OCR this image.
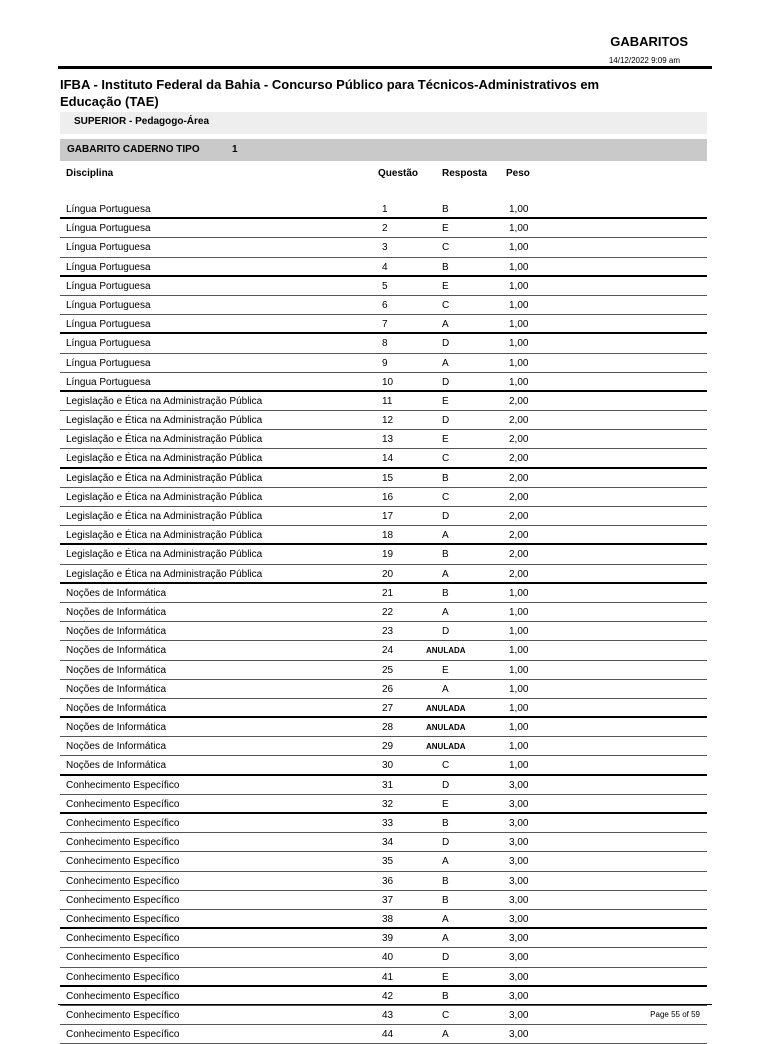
GABARITOS
14/12/2022 9:09 am
IFBA - Instituto Federal da Bahia - Concurso Público para Técnicos-Administrativos em Educação (TAE)
SUPERIOR - Pedagogo-Área
GABARITO CADERNO TIPO	1
Disciplina	Questão Resposta Peso
Língua Portuguesa	1	B	1,00
Língua Portuguesa	2	E	1,00
Língua Portuguesa	3	C	1,00
Língua Portuguesa	4	B	1,00
Língua Portuguesa	5	E	1,00
Língua Portuguesa	6	C	1,00
Língua Portuguesa	7	A	1,00
Língua Portuguesa	8	D	1,00
Língua Portuguesa	9	A	1,00
Língua Portuguesa	10	D	1,00
Legislação e Ética na Administração Pública	11	E	2,00
Legislação e Ética na Administração Pública	12	D	2,00
Legislação e Ética na Administração Pública	13	E	2,00
Legislação e Ética na Administração Pública	14	C	2,00
Legislação e Ética na Administração Pública	15	B	2,00
Legislação e Ética na Administração Pública	16	C	2,00
Legislação e Ética na Administração Pública	17	D	2,00
Legislação e Ética na Administração Pública	18	A	2,00
Legislação e Ética na Administração Pública	19	B	2,00
Legislação e Ética na Administração Pública	20	A	2,00
Noções de Informática	21	B	1,00
Noções de Informática	22	A	1,00
Noções de Informática	23	D	1,00
Noções de Informática	24	ANULADA	1,00
Noções de Informática	25	E	1,00
Noções de Informática	26	A	1,00
Noções de Informática	27	ANULADA	1,00
Noções de Informática	28	ANULADA	1,00
Noções de Informática	29	ANULADA	1,00
Noções de Informática	30	C	1,00
Conhecimento Específico	31	D	3,00
Conhecimento Específico	32	E	3,00
Conhecimento Específico	33	B	3,00
Conhecimento Específico	34	D	3,00
Conhecimento Específico	35	A	3,00
Conhecimento Específico	36	B	3,00
Conhecimento Específico	37	B	3,00
Conhecimento Específico	38	A	3,00
Conhecimento Específico	39	A	3,00
Conhecimento Específico	40	D	3,00
Conhecimento Específico	41	E	3,00
Conhecimento Específico	42	B	3,00
Conhecimento Específico	43	C	3,00
Conhecimento Específico	44	A	3,00
Page 55 of 59
